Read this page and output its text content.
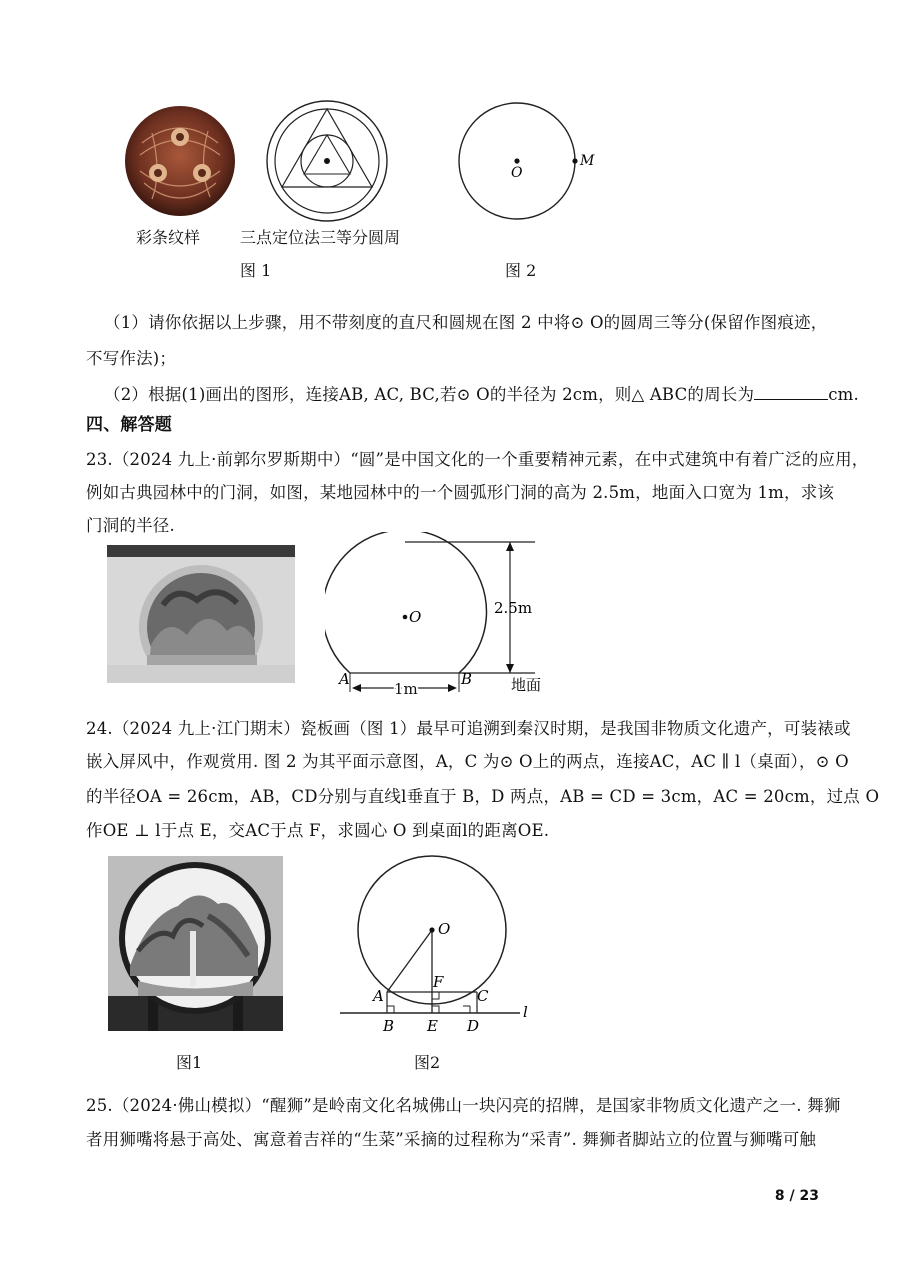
彩条纹样 三点定位法三等分圆周
图 1
O
M
图 2
（1）请你依据以上步骤，用不带刻度的直尺和圆规在图 2 中将⊙ O的圆周三等分(保留作图痕迹，
不写作法)；
（2）根据(1)画出的图形，连接AB, AC, BC,若⊙ O的半径为 2cm，则△ ABC的周长为	cm.
四、解答题
23.（2024 九上·前郭尔罗斯期中）“圆”是中国文化的一个重要精神元素，在中式建筑中有着广泛的应用，
例如古典园林中的门洞，如图，某地园林中的一个圆弧形门洞的高为 2.5m，地面入口宽为 1m，求该
门洞的半径.
O	2.5m
1m
A	B	地面
24.（2024 九上·江门期末）瓷板画（图 1）最早可追溯到秦汉时期，是我国非物质文化遗产，可装裱或
嵌入屏风中，作观赏用. 图 2 为其平面示意图，A，C 为⊙ O上的两点，连接AC，AC ∥ l（桌面），⊙ O
的半径OA = 26cm，AB，CD分别与直线l垂直于 B，D 两点，AB = CD = 3cm，AC = 20cm，过点 O
作OE ⊥ l于点 E，交AC于点 F，求圆心 O 到桌面l的距离OE.
图1
O
A	C
F
B E D
l
图2
25.（2024·佛山模拟）“醒狮”是岭南文化名城佛山一块闪亮的招牌，是国家非物质文化遗产之一. 舞狮
者用狮嘴将悬于高处、寓意着吉祥的“生菜”采摘的过程称为“采青”. 舞狮者脚站立的位置与狮嘴可触
8 / 23
